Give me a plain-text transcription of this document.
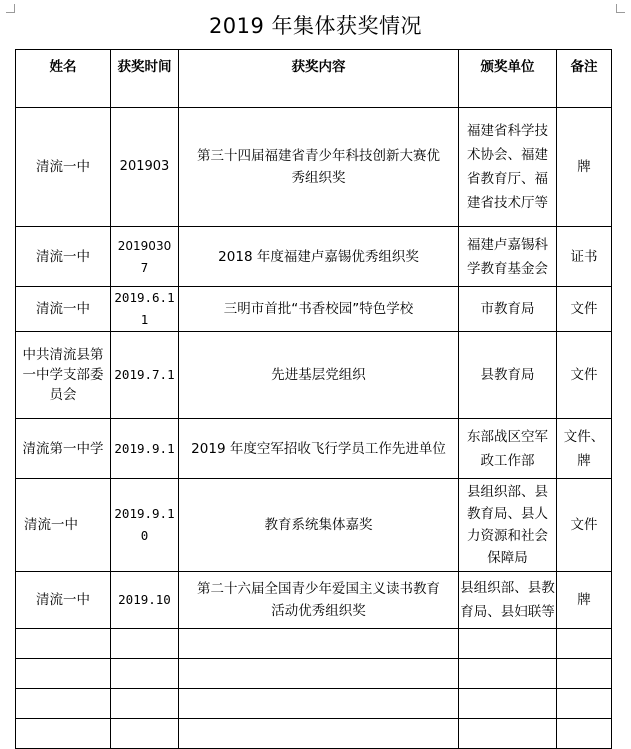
2019 年集体获奖情况
姓名	获奖时间	获奖内容	颁奖单位	备注
清流一中	201903	第三十四届福建省青少年科技创新大赛优秀组织奖	福建省科学技术协会、福建省教育厅、福建省技术厅等	牌
清流一中	20190307	2018 年度福建卢嘉锡优秀组织奖	福建卢嘉锡科学教育基金会	证书
清流一中	2019.6.11	三明市首批“书香校园”特色学校	市教育局	文件
中共清流县第一中学支部委员会	2019.7.1	先进基层党组织	县教育局	文件
清流第一中学	2019.9.1	2019 年度空军招收飞行学员工作先进单位	东部战区空军政工作部	文件、牌
清流一中	2019.9.10	教育系统集体嘉奖	县组织部、县教育局、县人力资源和社会保障局	文件
清流一中	2019.10	第二十六届全国青少年爱国主义读书教育活动优秀组织奖	县组织部、县教育局、县妇联等	牌
